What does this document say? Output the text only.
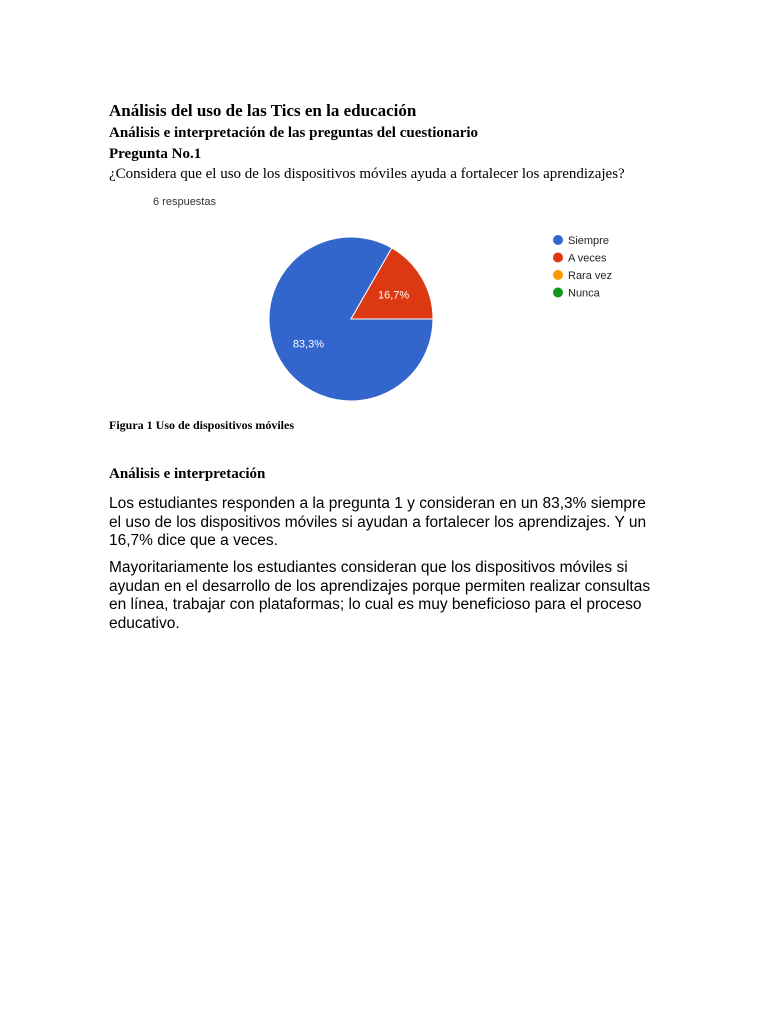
Análisis del uso de las Tics en la educación

Análisis e interpretación de las preguntas del cuestionario

Pregunta No.1

¿Considera que el uso de los dispositivos móviles ayuda a fortalecer los aprendizajes?

6 respuestas
83,3%
16,7%
Siempre
A veces
Rara vez
Nunca
Figura 1 Uso de dispositivos móviles
Análisis e interpretación

Los estudiantes responden a la pregunta 1 y consideran en un 83,3% siempre el uso de los dispositivos móviles si ayudan a fortalecer los aprendizajes. Y un 16,7% dice que a veces.

Mayoritariamente los estudiantes consideran que los dispositivos móviles si ayudan en el desarrollo de los aprendizajes porque permiten realizar consultas en línea, trabajar con plataformas; lo cual es muy beneficioso para el proceso educativo.
